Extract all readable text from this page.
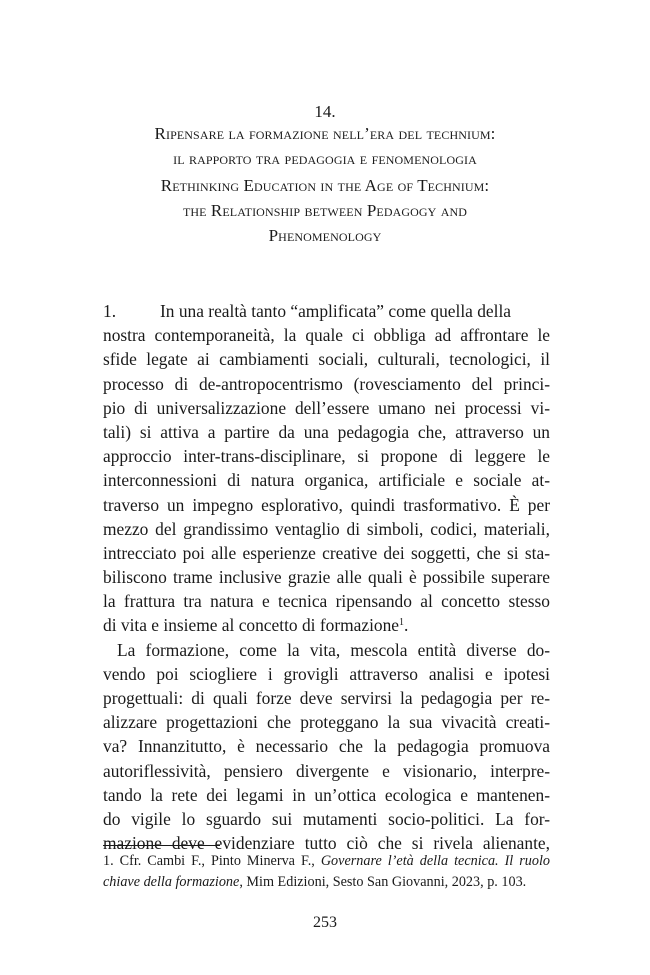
14.
Ripensare la formazione nell’era del technium:
il rapporto tra pedagogia e fenomenologia
Rethinking Education in the Age of Technium:
the Relationship between Pedagogy and
Phenomenology
1.	In una realtà tanto “amplificata” come quella della
nostra contemporaneità, la quale ci obbliga ad affrontare le
sfide legate ai cambiamenti sociali, culturali, tecnologici, il
processo di de-antropocentrismo (rovesciamento del princi-
pio di universalizzazione dell’essere umano nei processi vi-
tali) si attiva a partire da una pedagogia che, attraverso un
approccio inter-trans-disciplinare, si propone di leggere le
interconnessioni di natura organica, artificiale e sociale at-
traverso un impegno esplorativo, quindi trasformativo. È per
mezzo del grandissimo ventaglio di simboli, codici, materiali,
intrecciato poi alle esperienze creative dei soggetti, che si sta-
biliscono trame inclusive grazie alle quali è possibile superare
la frattura tra natura e tecnica ripensando al concetto stesso
di vita e insieme al concetto di formazione$^1$.
La formazione, come la vita, mescola entità diverse do-
vendo poi sciogliere i grovigli attraverso analisi e ipotesi
progettuali: di quali forze deve servirsi la pedagogia per re-
alizzare progettazioni che proteggano la sua vivacità creati-
va? Innanzitutto, è necessario che la pedagogia promuova
autoriflessività, pensiero divergente e visionario, interpre-
tando la rete dei legami in un’ottica ecologica e mantenen-
do vigile lo sguardo sui mutamenti socio-politici. La for-
mazione deve evidenziare tutto ciò che si rivela alienante,
1. Cfr. Cambi F., Pinto Minerva F., Governare l’età della tecnica. Il ruolo
chiave della formazione, Mim Edizioni, Sesto San Giovanni, 2023, p. 103.
253
